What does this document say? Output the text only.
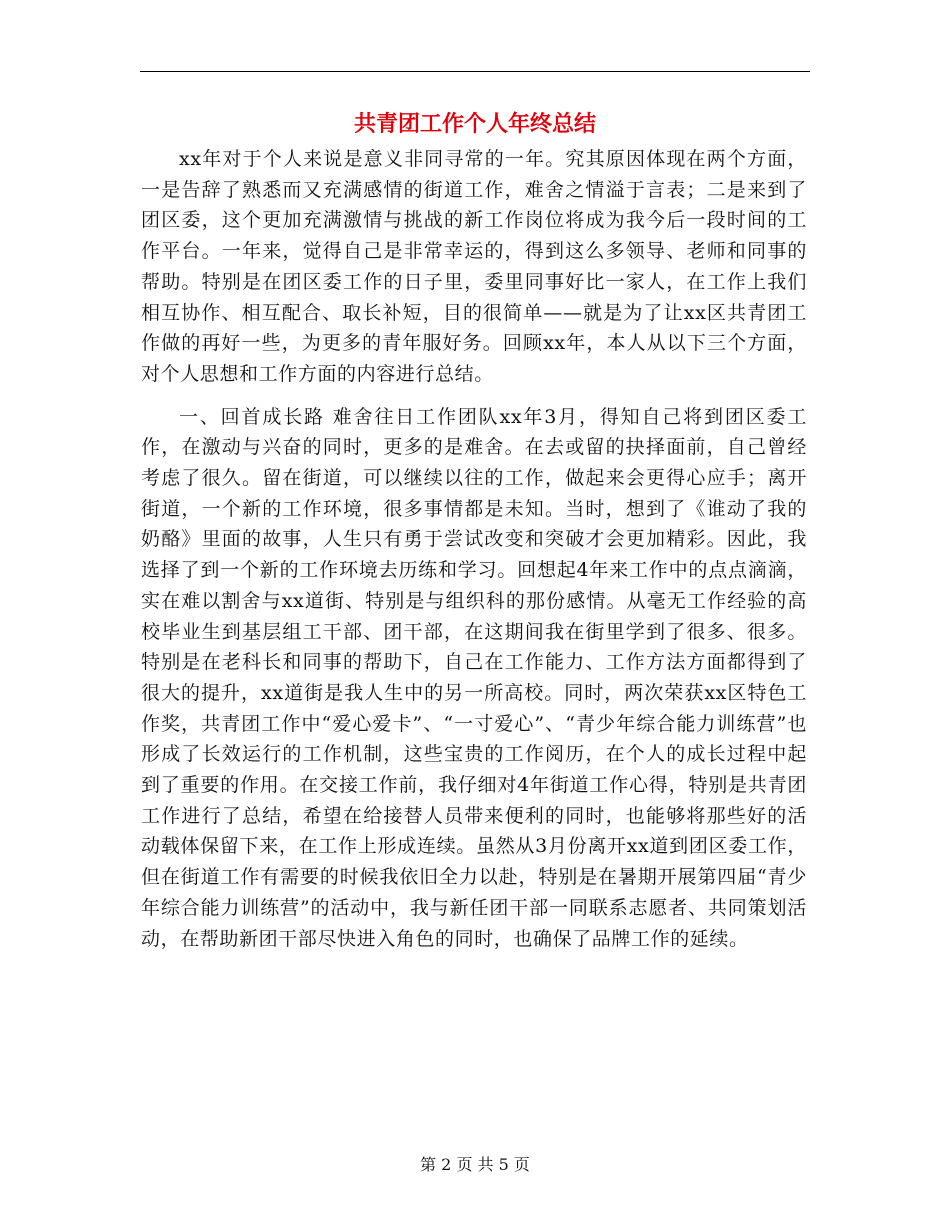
共青团工作个人年终总结

xx年对于个人来说是意义非同寻常的一年。究其原因体现在两个方面，一是告辞了熟悉而又充满感情的街道工作，难舍之情溢于言表；二是来到了团区委，这个更加充满激情与挑战的新工作岗位将成为我今后一段时间的工作平台。一年来，觉得自己是非常幸运的，得到这么多领导、老师和同事的帮助。特别是在团区委工作的日子里，委里同事好比一家人，在工作上我们相互协作、相互配合、取长补短，目的很简单——就是为了让xx区共青团工作做的再好一些，为更多的青年服好务。回顾xx年，本人从以下三个方面，对个人思想和工作方面的内容进行总结。

一、回首成长路 难舍往日工作团队xx年3月，得知自己将到团区委工作，在激动与兴奋的同时，更多的是难舍。在去或留的抉择面前，自己曾经考虑了很久。留在街道，可以继续以往的工作，做起来会更得心应手；离开街道，一个新的工作环境，很多事情都是未知。当时，想到了《谁动了我的奶酪》里面的故事，人生只有勇于尝试改变和突破才会更加精彩。因此，我选择了到一个新的工作环境去历练和学习。回想起4年来工作中的点点滴滴，实在难以割舍与xx道街、特别是与组织科的那份感情。从毫无工作经验的高校毕业生到基层组工干部、团干部，在这期间我在街里学到了很多、很多。特别是在老科长和同事的帮助下，自己在工作能力、工作方法方面都得到了很大的提升，xx道街是我人生中的另一所高校。同时，两次荣获xx区特色工作奖，共青团工作中“爱心爱卡”、“一寸爱心”、“青少年综合能力训练营”也形成了长效运行的工作机制，这些宝贵的工作阅历，在个人的成长过程中起到了重要的作用。在交接工作前，我仔细对4年街道工作心得，特别是共青团工作进行了总结，希望在给接替人员带来便利的同时，也能够将那些好的活动载体保留下来，在工作上形成连续。虽然从3月份离开xx道到团区委工作，但在街道工作有需要的时候我依旧全力以赴，特别是在暑期开展第四届“青少年综合能力训练营”的活动中，我与新任团干部一同联系志愿者、共同策划活动，在帮助新团干部尽快进入角色的同时，也确保了品牌工作的延续。

第 2 页 共 5 页
